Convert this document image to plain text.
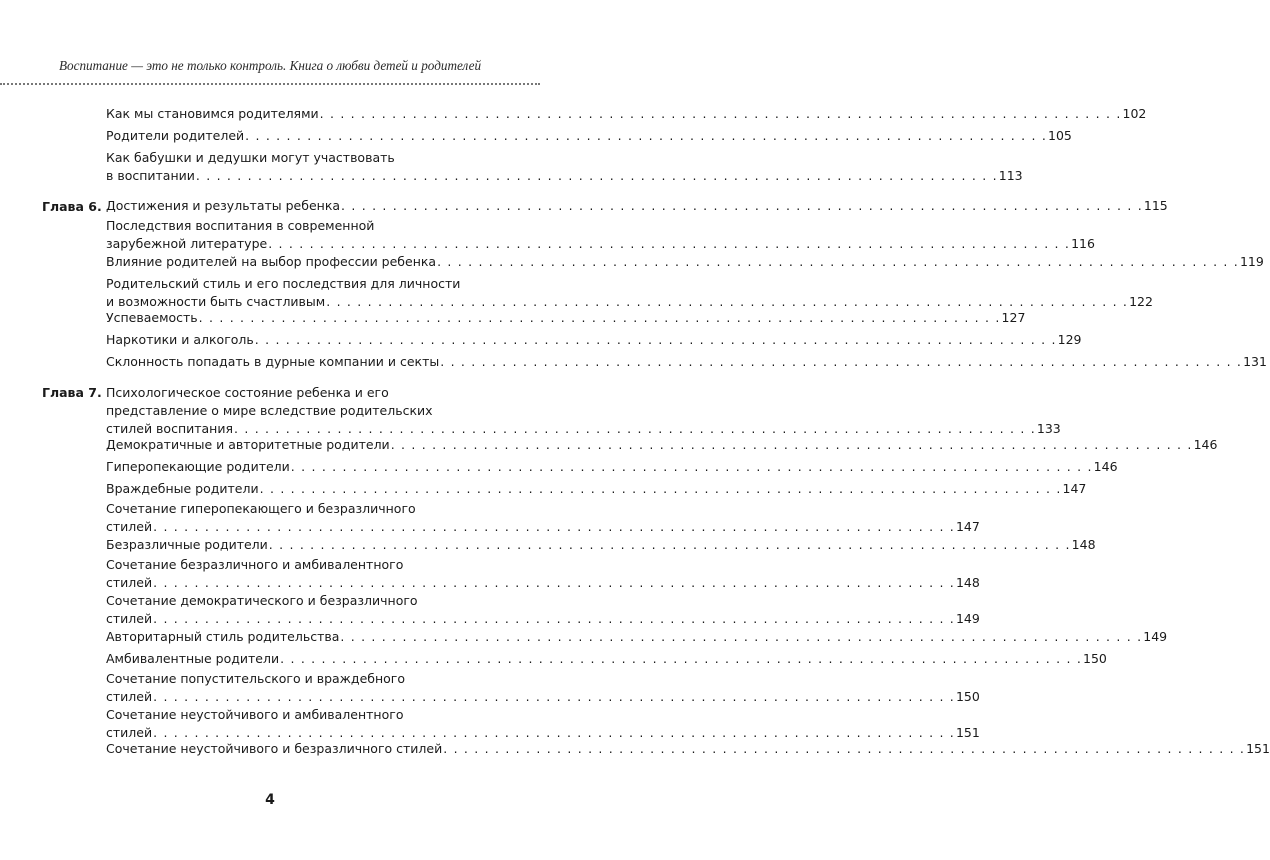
Воспитание — это не только контроль. Книга о любви детей и родителей
Как мы становимся родителями . . . . . . . . . . . . . . . . . . . . . . . . . . . . . . . . . . . . . . . . . . . . . . . . . . . . . . . . . . . . . . . . . . . . . . . . . . . . . . 102
Родители родителей . . . . . . . . . . . . . . . . . . . . . . . . . . . . . . . . . . . . . . . . . . . . . . . . . . . . . . . . . . . . . . . . . . . . . . . . . . . . . . 105
Как бабушки и дедушки могут участвовать
в воспитании . . . . . . . . . . . . . . . . . . . . . . . . . . . . . . . . . . . . . . . . . . . . . . . . . . . . . . . . . . . . . . . . . . . . . . . . . . . . . . 113
Глава 6. Достижения и результаты ребенка . . . . . . . . . . . . . . . . . . . . . . . . . . . . . . . . . . . . . . . . . . . . . . . . . . . . . . . . . . . . . . . . . . . . . . . . . . . . . . 115
Последствия воспитания в современной
зарубежной литературе . . . . . . . . . . . . . . . . . . . . . . . . . . . . . . . . . . . . . . . . . . . . . . . . . . . . . . . . . . . . . . . . . . . . . . . . . . . . . . 116
Влияние родителей на выбор профессии ребенка . . . . . . . . . . . . . . . . . . . . . . . . . . . . . . . . . . . . . . . . . . . . . . . . . . . . . . . . . . . . . . . . . . . . . . . . . . . . . . 119
Родительский стиль и его последствия для личности
и возможности быть счастливым . . . . . . . . . . . . . . . . . . . . . . . . . . . . . . . . . . . . . . . . . . . . . . . . . . . . . . . . . . . . . . . . . . . . . . . . . . . . . . 122
Успеваемость . . . . . . . . . . . . . . . . . . . . . . . . . . . . . . . . . . . . . . . . . . . . . . . . . . . . . . . . . . . . . . . . . . . . . . . . . . . . . . 127
Наркотики и алкоголь . . . . . . . . . . . . . . . . . . . . . . . . . . . . . . . . . . . . . . . . . . . . . . . . . . . . . . . . . . . . . . . . . . . . . . . . . . . . . . 129
Склонность попадать в дурные компании и секты . . . . . . . . . . . . . . . . . . . . . . . . . . . . . . . . . . . . . . . . . . . . . . . . . . . . . . . . . . . . . . . . . . . . . . . . . . . . . . 131
Глава 7. Психологическое состояние ребенка и его
представление о мире вследствие родительских
стилей воспитания . . . . . . . . . . . . . . . . . . . . . . . . . . . . . . . . . . . . . . . . . . . . . . . . . . . . . . . . . . . . . . . . . . . . . . . . . . . . . . 133
Демократичные и авторитетные родители . . . . . . . . . . . . . . . . . . . . . . . . . . . . . . . . . . . . . . . . . . . . . . . . . . . . . . . . . . . . . . . . . . . . . . . . . . . . . . 146
Гиперопекающие родители . . . . . . . . . . . . . . . . . . . . . . . . . . . . . . . . . . . . . . . . . . . . . . . . . . . . . . . . . . . . . . . . . . . . . . . . . . . . . . 146
Враждебные родители . . . . . . . . . . . . . . . . . . . . . . . . . . . . . . . . . . . . . . . . . . . . . . . . . . . . . . . . . . . . . . . . . . . . . . . . . . . . . . 147
Сочетание гиперопекающего и безразличного
стилей . . . . . . . . . . . . . . . . . . . . . . . . . . . . . . . . . . . . . . . . . . . . . . . . . . . . . . . . . . . . . . . . . . . . . . . . . . . . . . 147
Безразличные родители . . . . . . . . . . . . . . . . . . . . . . . . . . . . . . . . . . . . . . . . . . . . . . . . . . . . . . . . . . . . . . . . . . . . . . . . . . . . . . 148
Сочетание безразличного и амбивалентного
стилей . . . . . . . . . . . . . . . . . . . . . . . . . . . . . . . . . . . . . . . . . . . . . . . . . . . . . . . . . . . . . . . . . . . . . . . . . . . . . . 148
Сочетание демократического и безразличного
стилей . . . . . . . . . . . . . . . . . . . . . . . . . . . . . . . . . . . . . . . . . . . . . . . . . . . . . . . . . . . . . . . . . . . . . . . . . . . . . . 149
Авторитарный стиль родительства . . . . . . . . . . . . . . . . . . . . . . . . . . . . . . . . . . . . . . . . . . . . . . . . . . . . . . . . . . . . . . . . . . . . . . . . . . . . . . 149
Амбивалентные родители . . . . . . . . . . . . . . . . . . . . . . . . . . . . . . . . . . . . . . . . . . . . . . . . . . . . . . . . . . . . . . . . . . . . . . . . . . . . . . 150
Сочетание попустительского и враждебного
стилей . . . . . . . . . . . . . . . . . . . . . . . . . . . . . . . . . . . . . . . . . . . . . . . . . . . . . . . . . . . . . . . . . . . . . . . . . . . . . . 150
Сочетание неустойчивого и амбивалентного
стилей . . . . . . . . . . . . . . . . . . . . . . . . . . . . . . . . . . . . . . . . . . . . . . . . . . . . . . . . . . . . . . . . . . . . . . . . . . . . . . 151
Сочетание неустойчивого и безразличного стилей . . . . . . . . . . . . . . . . . . . . . . . . . . . . . . . . . . . . . . . . . . . . . . . . . . . . . . . . . . . . . . . . . . . . . . . . . . . . . . 151
4
